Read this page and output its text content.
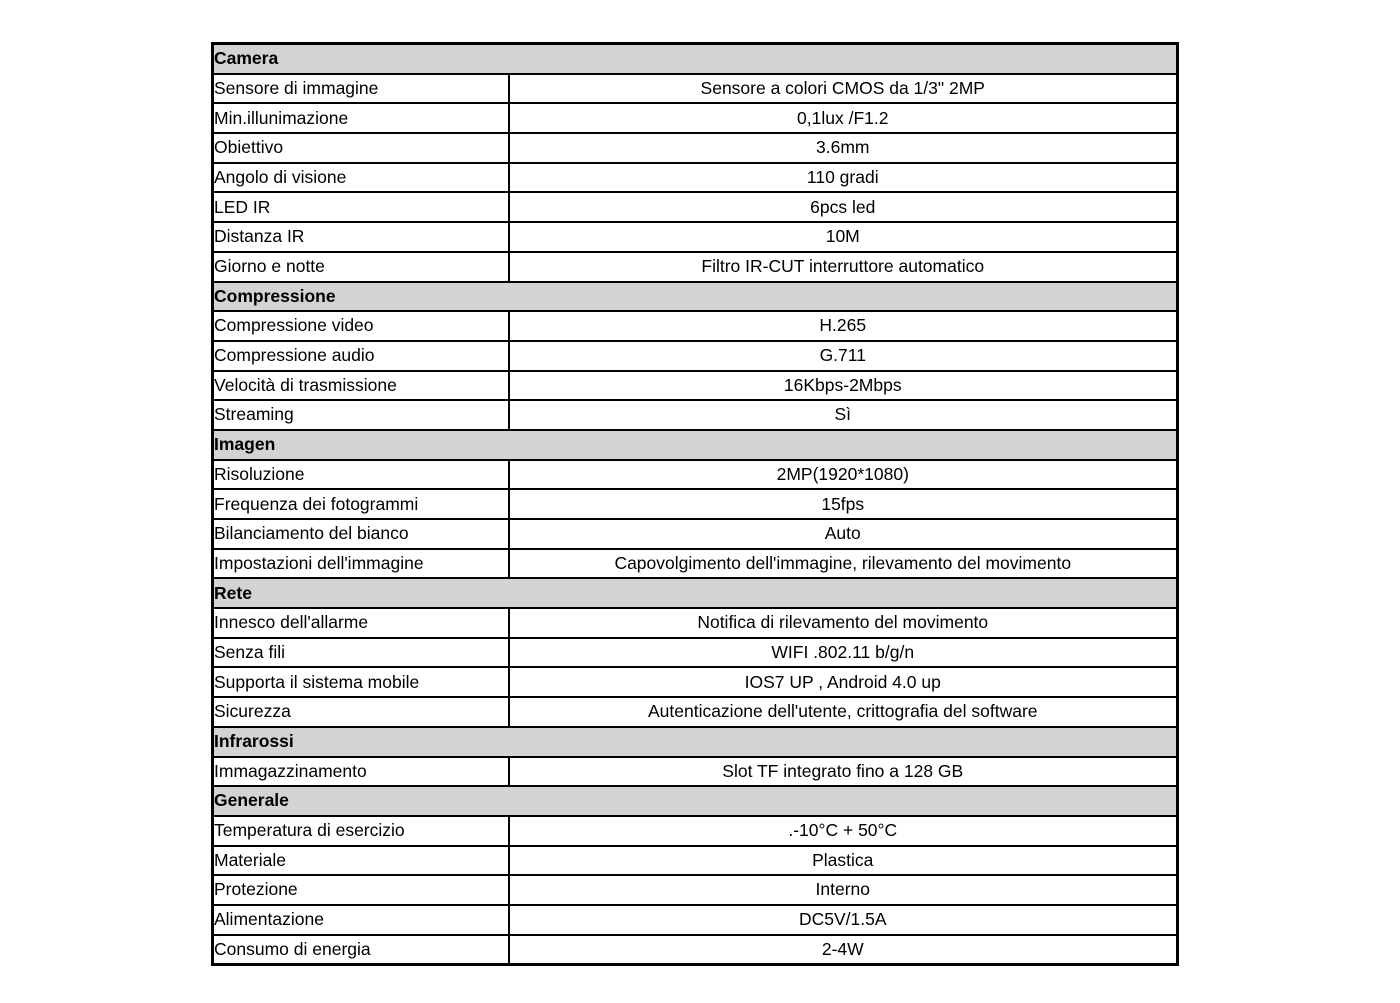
Camera	
Sensore di immagine	Sensore a colori CMOS da 1/3" 2MP
Min.illunimazione	0,1lux /F1.2
Obiettivo	3.6mm
Angolo di visione	110 gradi
LED IR	6pcs led
Distanza IR	10M
Giorno e notte	Filtro IR-CUT interruttore automatico
Compressione	
Compressione video	H.265
Compressione audio	G.711
Velocità di trasmissione	16Kbps-2Mbps
Streaming	Sì
Imagen	
Risoluzione	2MP(1920*1080)
Frequenza dei fotogrammi	15fps
Bilanciamento del bianco	Auto
Impostazioni dell'immagine	Capovolgimento dell'immagine, rilevamento del movimento
Rete	
Innesco dell'allarme	Notifica di rilevamento del movimento
Senza fili	WIFI .802.11 b/g/n
Supporta il sistema mobile	IOS7 UP , Android 4.0 up
Sicurezza	Autenticazione dell'utente, crittografia del software
Infrarossi	
Immagazzinamento	Slot TF integrato fino a 128 GB
Generale	
Temperatura di esercizio	.-10°C + 50°C
Materiale	Plastica
Protezione	Interno
Alimentazione	DC5V/1.5A
Consumo di energia	2-4W
